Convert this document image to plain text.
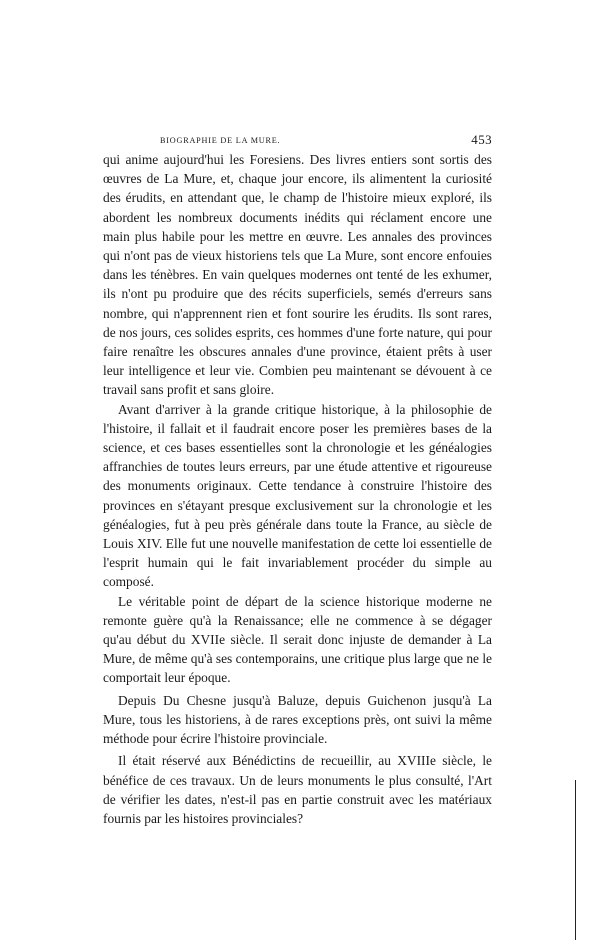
BIOGRAPHIE DE LA MURE.	453

qui anime aujourd'hui les Foresiens. Des livres entiers sont sortis des œuvres de La Mure, et, chaque jour encore, ils alimentent la curiosité des érudits, en attendant que, le champ de l'histoire mieux exploré, ils abordent les nombreux documents inédits qui réclament encore une main plus habile pour les mettre en œuvre. Les annales des provinces qui n'ont pas de vieux historiens tels que La Mure, sont encore enfouies dans les ténèbres. En vain quelques modernes ont tenté de les exhumer, ils n'ont pu produire que des récits superficiels, semés d'erreurs sans nombre, qui n'apprennent rien et font sourire les érudits. Ils sont rares, de nos jours, ces solides esprits, ces hommes d'une forte nature, qui pour faire renaître les obscures annales d'une province, étaient prêts à user leur intelligence et leur vie. Combien peu maintenant se dévouent à ce travail sans profit et sans gloire.

Avant d'arriver à la grande critique historique, à la philosophie de l'histoire, il fallait et il faudrait encore poser les premières bases de la science, et ces bases essentielles sont la chronologie et les généalogies affranchies de toutes leurs erreurs, par une étude attentive et rigoureuse des monuments originaux. Cette tendance à construire l'histoire des provinces en s'étayant presque exclusivement sur la chronologie et les généalogies, fut à peu près générale dans toute la France, au siècle de Louis XIV. Elle fut une nouvelle manifestation de cette loi essentielle de l'esprit humain qui le fait invariablement procéder du simple au composé.

Le véritable point de départ de la science historique moderne ne remonte guère qu'à la Renaissance; elle ne commence à se dégager qu'au début du XVIIe siècle. Il serait donc injuste de demander à La Mure, de même qu'à ses contemporains, une critique plus large que ne le comportait leur époque.

Depuis Du Chesne jusqu'à Baluze, depuis Guichenon jusqu'à La Mure, tous les historiens, à de rares exceptions près, ont suivi la même méthode pour écrire l'histoire provinciale.

Il était réservé aux Bénédictins de recueillir, au XVIIIe siècle, le bénéfice de ces travaux. Un de leurs monuments le plus consulté, l'Art de vérifier les dates, n'est-il pas en partie construit avec les matériaux fournis par les histoires provinciales?
